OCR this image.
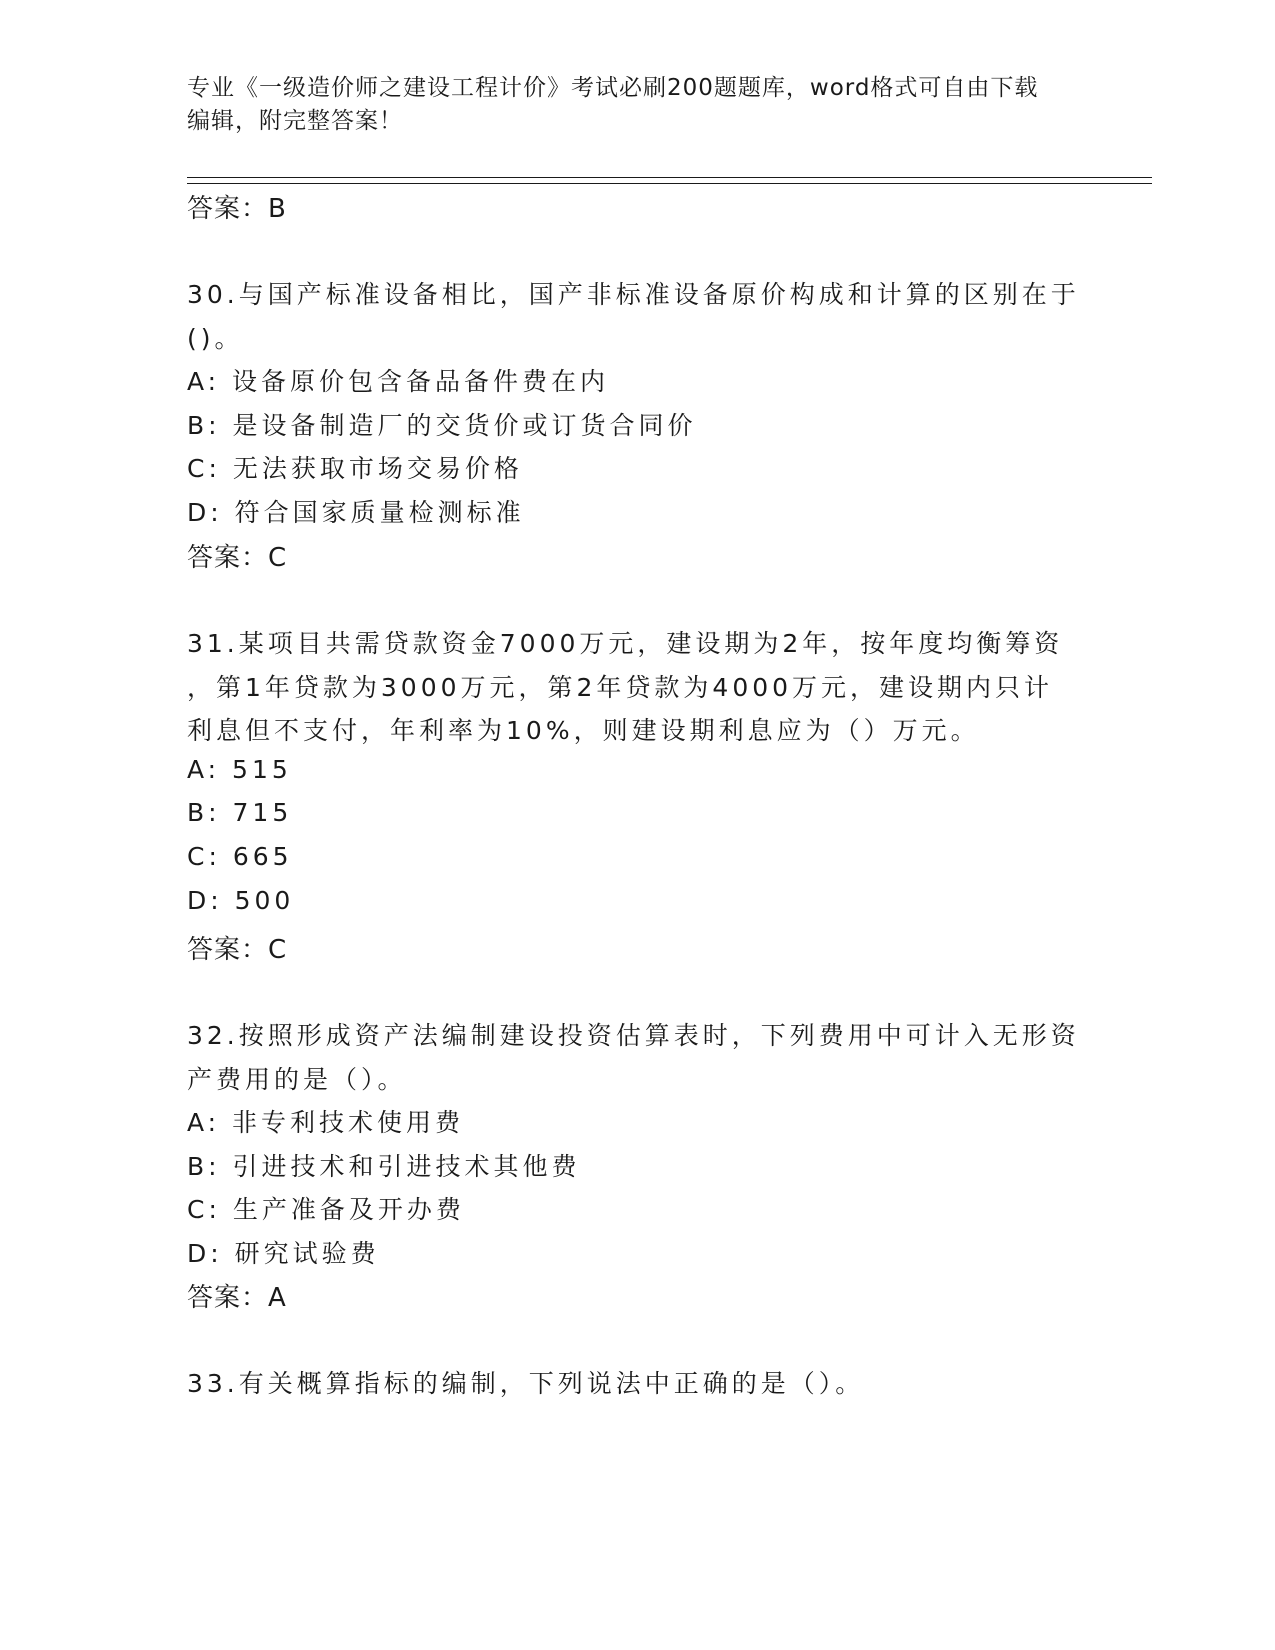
专业《一级造价师之建设工程计价》考试必刷200题题库，word格式可自由下载
编辑，附完整答案！
答案：B
30.与国产标准设备相比，国产非标准设备原价构成和计算的区别在于
()。
A: 设备原价包含备品备件费在内
B: 是设备制造厂的交货价或订货合同价
C: 无法获取市场交易价格
D: 符合国家质量检测标准
答案：C
31.某项目共需贷款资金7000万元，建设期为2年，按年度均衡筹资
，第1年贷款为3000万元，第2年贷款为4000万元，建设期内只计
利息但不支付，年利率为10%，则建设期利息应为（）万元。
A: 515
B: 715
C: 665
D: 500
答案：C
32.按照形成资产法编制建设投资估算表时，下列费用中可计入无形资
产费用的是（）。
A: 非专利技术使用费
B: 引进技术和引进技术其他费
C: 生产准备及开办费
D: 研究试验费
答案：A
33.有关概算指标的编制，下列说法中正确的是（）。
